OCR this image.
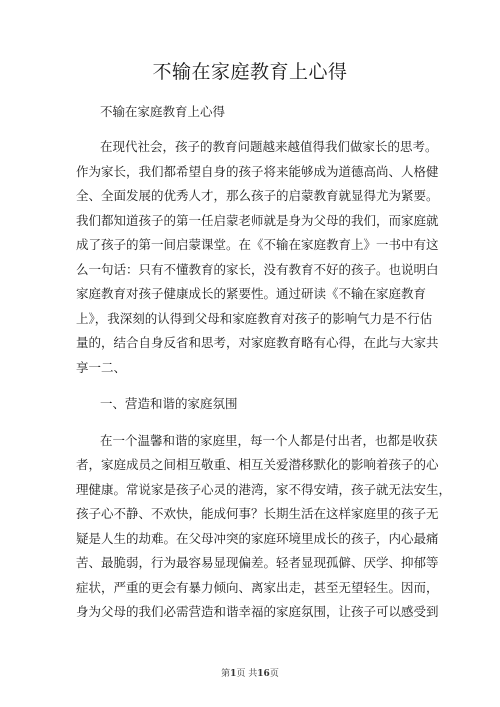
不输在家庭教育上心得
不输在家庭教育上心得
在现代社会，孩子的教育问题越来越值得我们做家长的思考。
作为家长，我们都希望自身的孩子将来能够成为道德高尚、人格健
全、全面发展的优秀人才，那么孩子的启蒙教育就显得尤为紧要。
我们都知道孩子的第一任启蒙老师就是身为父母的我们，而家庭就
成了孩子的第一间启蒙课堂。在《不输在家庭教育上》一书中有这
么一句话：只有不懂教育的家长，没有教育不好的孩子。也说明白
家庭教育对孩子健康成长的紧要性。通过研读《不输在家庭教育
上》，我深刻的认得到父母和家庭教育对孩子的影响气力是不行估
量的，结合自身反省和思考，对家庭教育略有心得，在此与大家共
享一二、
一、营造和谐的家庭氛围
在一个温馨和谐的家庭里，每一个人都是付出者，也都是收获
者，家庭成员之间相互敬重、相互关爱潜移默化的影响着孩子的心
理健康。常说家是孩子心灵的港湾，家不得安靖，孩子就无法安生，
孩子心不静、不欢快，能成何事？长期生活在这样家庭里的孩子无
疑是人生的劫难。在父母冲突的家庭环境里成长的孩子，内心最痛
苦、最脆弱，行为最容易显现偏差。轻者显现孤僻、厌学、抑郁等
症状，严重的更会有暴力倾向、离家出走，甚至无望轻生。因而，
身为父母的我们必需营造和谐幸福的家庭氛围，让孩子可以感受到
第1页 共16页
